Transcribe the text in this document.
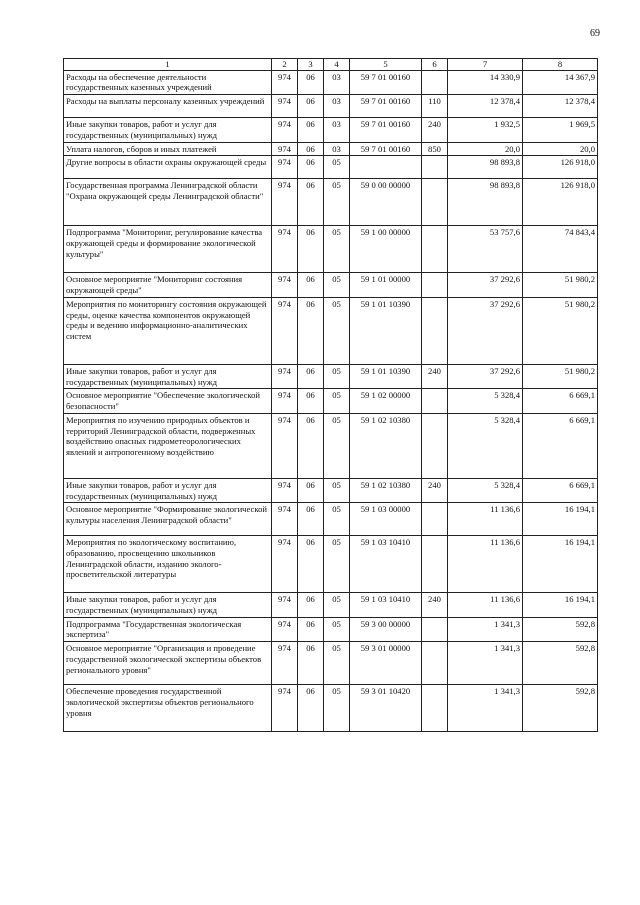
69
1	2	3	4	5	6	7	8
Расходы на обеспечение деятельности государственных казенных учреждений	974	06	03	59 7 01 00160		14 330,9	14 367,9
Расходы на выплаты персоналу казенных учреждений	974	06	03	59 7 01 00160	110	12 378,4	12 378,4
Иные закупки товаров, работ и услуг для государственных (муниципальных) нужд	974	06	03	59 7 01 00160	240	1 932,5	1 969,5
Уплата налогов, сборов и иных платежей	974	06	03	59 7 01 00160	850	20,0	20,0
Другие вопросы в области охраны окружающей среды	974	06	05			98 893,8	126 918,0
Государственная программа Ленинградской области "Охрана окружающей среды Ленинградской области"	974	06	05	59 0 00 00000		98 893,8	126 918,0
Подпрограмма "Мониторинг, регулирование качества окружающей среды и формирование экологической культуры"	974	06	05	59 1 00 00000		53 757,6	74 843,4
Основное мероприятие "Мониторинг состояния окружающей среды"	974	06	05	59 1 01 00000		37 292,6	51 980,2
Мероприятия по мониторингу состояния окружающей среды, оценке качества компонентов окружающей среды и ведению информационно-аналитических систем	974	06	05	59 1 01 10390		37 292,6	51 980,2
Иные закупки товаров, работ и услуг для государственных (муниципальных) нужд	974	06	05	59 1 01 10390	240	37 292,6	51 980,2
Основное мероприятие "Обеспечение экологической безопасности"	974	06	05	59 1 02 00000		5 328,4	6 669,1
Мероприятия по изучению природных объектов и территорий Ленинградской области, подверженных воздействию опасных гидрометеорологических явлений и антропогенному воздействию	974	06	05	59 1 02 10380		5 328,4	6 669,1
Иные закупки товаров, работ и услуг для государственных (муниципальных) нужд	974	06	05	59 1 02 10380	240	5 328,4	6 669,1
Основное мероприятие "Формирование экологической культуры населения Ленинградской области"	974	06	05	59 1 03 00000		11 136,6	16 194,1
Мероприятия по экологическому воспитанию, образованию, просвещению школьников Ленинградской области, изданию эколого-просветительской литературы	974	06	05	59 1 03 10410		11 136,6	16 194,1
Иные закупки товаров, работ и услуг для государственных (муниципальных) нужд	974	06	05	59 1 03 10410	240	11 136,6	16 194,1
Подпрограмма "Государственная экологическая экспертиза"	974	06	05	59 3 00 00000		1 341,3	592,8
Основное мероприятие "Организация и проведение государственной экологической экспертизы объектов регионального уровня"	974	06	05	59 3 01 00000		1 341,3	592,8
Обеспечение проведения государственной экологической экспертизы объектов регионального уровня	974	06	05	59 3 01 10420		1 341,3	592,8
